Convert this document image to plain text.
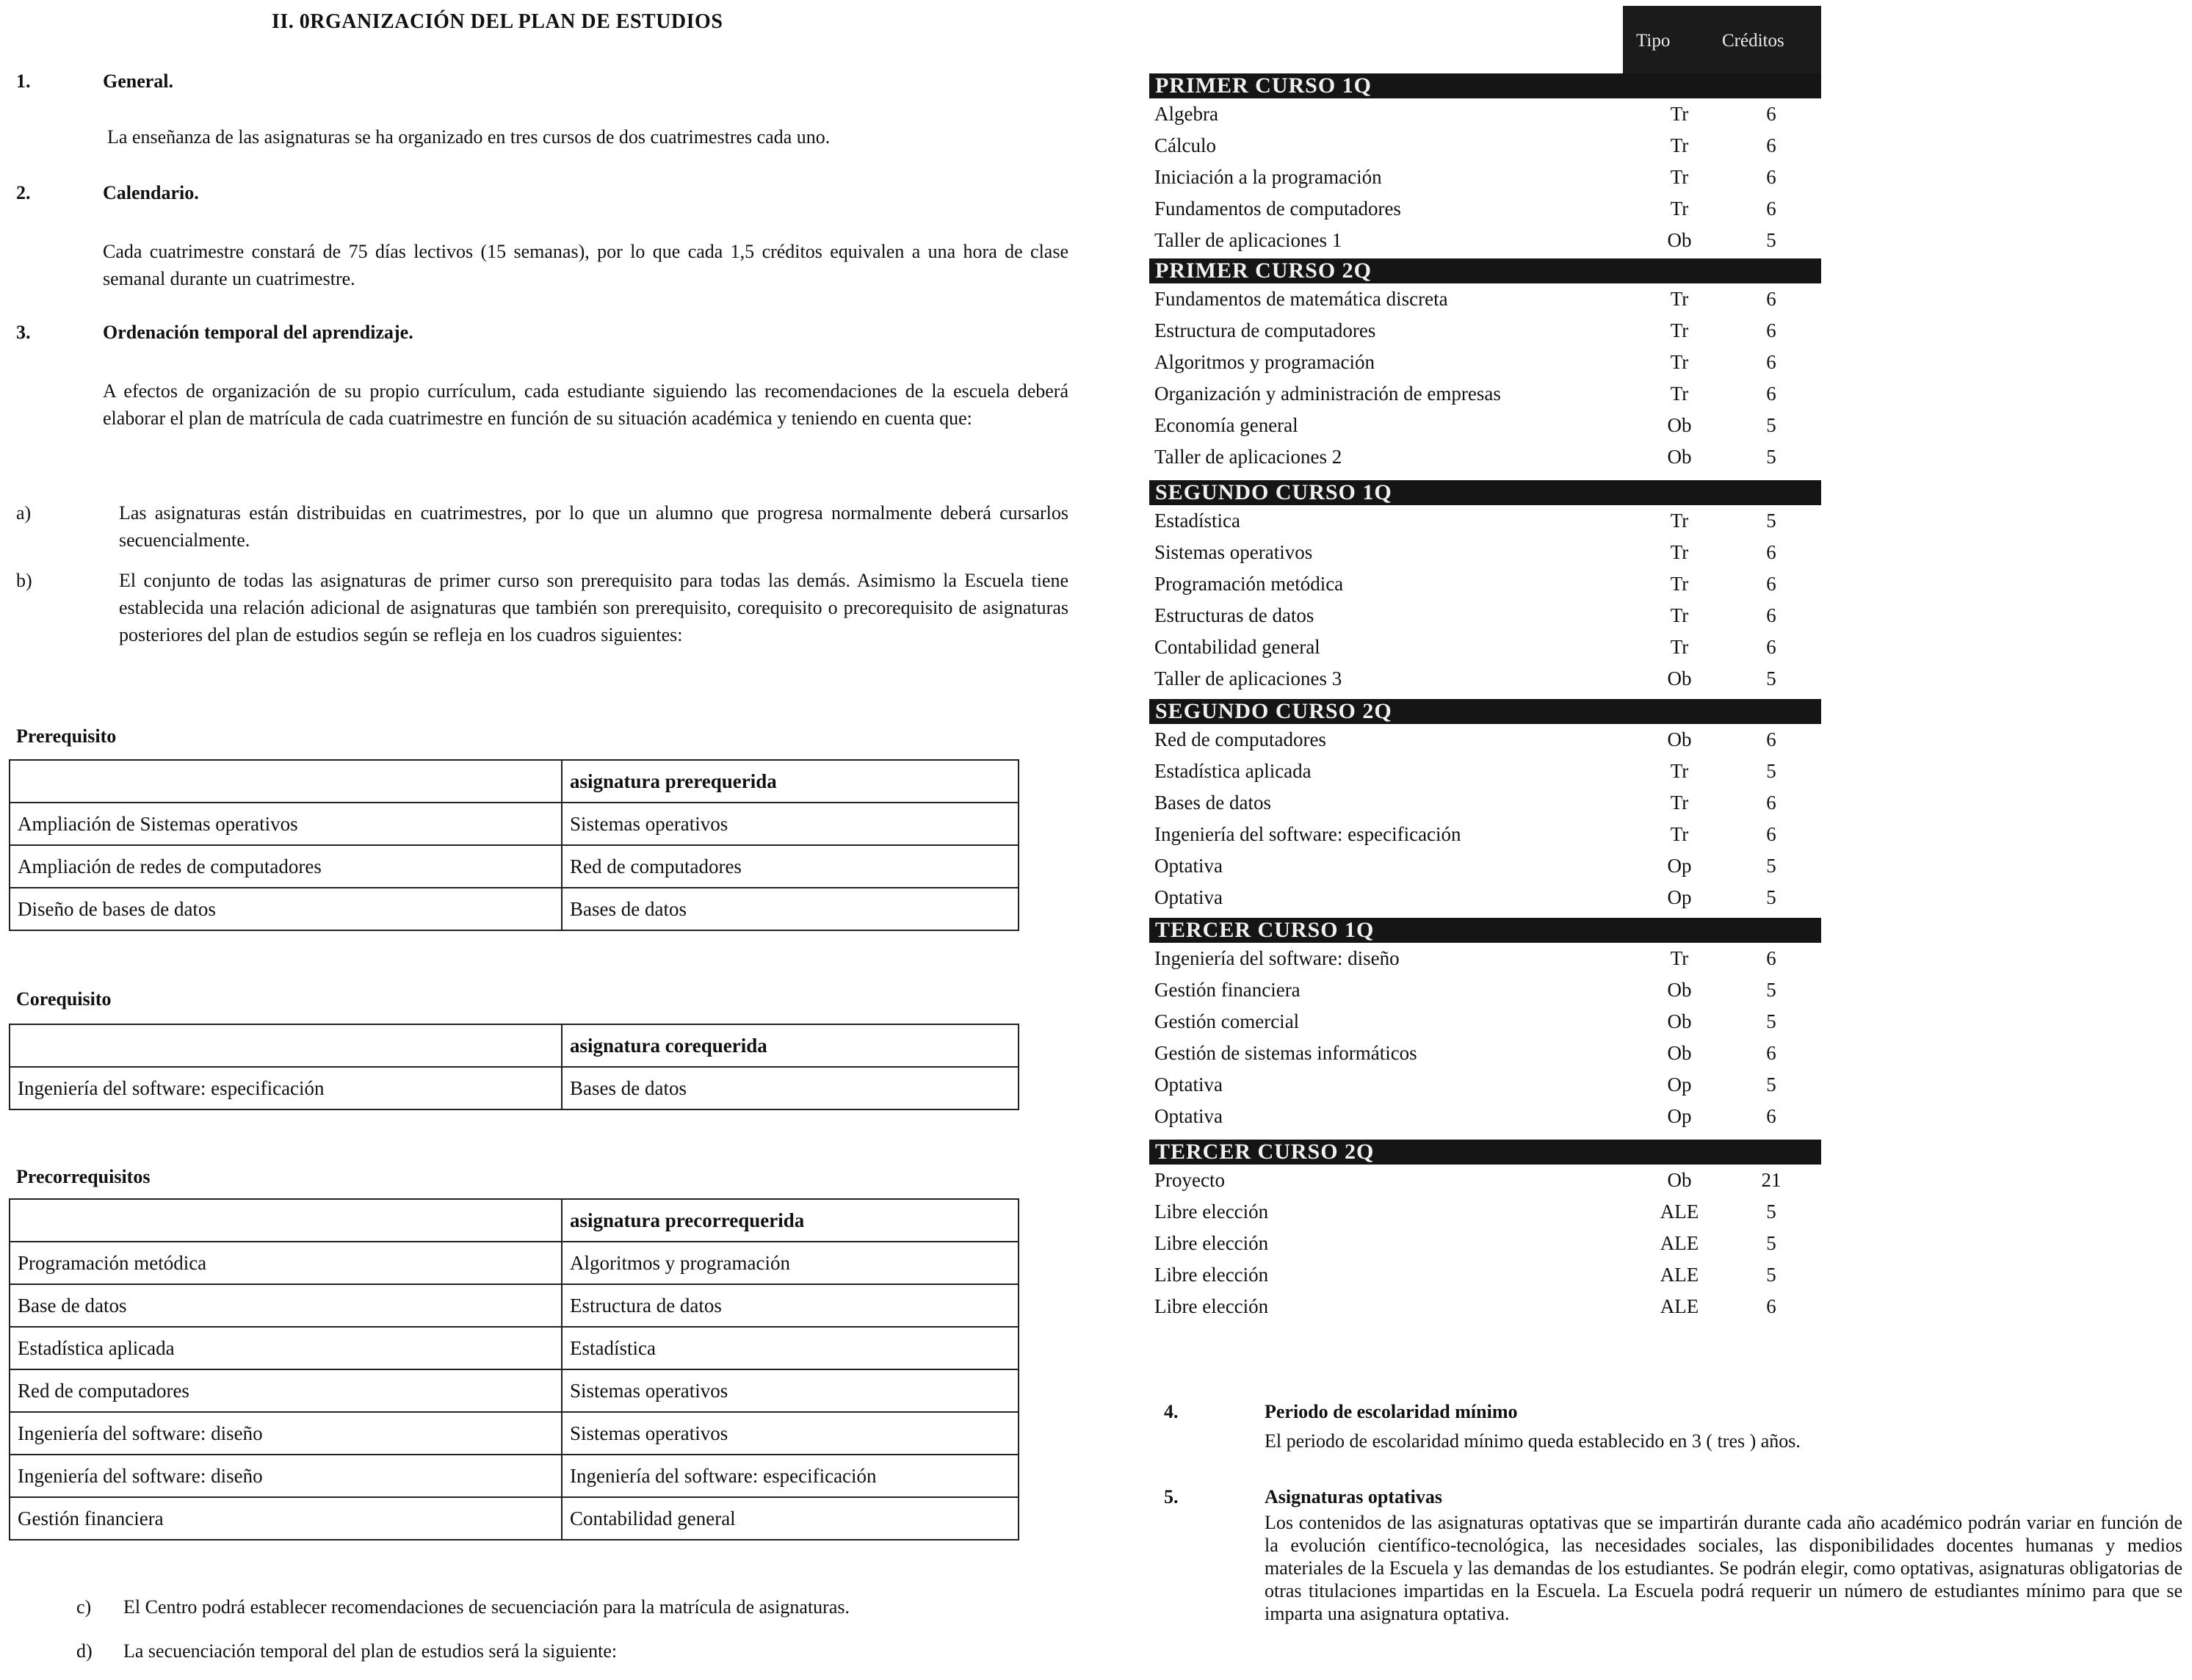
II. 0RGANIZACIÓN DEL PLAN DE ESTUDIOS
1.	General.
La enseñanza de las asignaturas se ha organizado en tres cursos de dos cuatrimestres cada uno.
2.	Calendario.
Cada cuatrimestre constará de 75 días lectivos (15 semanas), por lo que cada 1,5 créditos equivalen a una hora de clase semanal durante un cuatrimestre.
3.	Ordenación temporal del aprendizaje.
A efectos de organización de su propio currículum, cada estudiante siguiendo las recomendaciones de la escuela deberá elaborar el plan de matrícula de cada cuatrimestre en función de su situación académica y teniendo en cuenta que:
a)	Las asignaturas están distribuidas en cuatrimestres, por lo que un alumno que progresa normalmente deberá cursarlos secuencialmente.
b)	El conjunto de todas las asignaturas de primer curso son prerequisito para todas las demás. Asimismo la Escuela tiene establecida una relación adicional de asignaturas que también son prerequisito, corequisito o precorequisito de asignaturas posteriores del plan de estudios según se refleja en los cuadros siguientes:
Prerequisito
	asignatura prerequerida
Ampliación de Sistemas operativos	Sistemas operativos
Ampliación de redes de computadores	Red de computadores
Diseño de bases de datos	Bases de datos
Corequisito
	asignatura corequerida
Ingeniería del software: especificación	Bases de datos
Precorrequisitos
	asignatura precorrequerida
Programación metódica	Algoritmos y programación
Base de datos	Estructura de datos
Estadística aplicada	Estadística
Red de computadores	Sistemas operativos
Ingeniería del software: diseño	Sistemas operativos
Ingeniería del software: diseño	Ingeniería del software: especificación
Gestión financiera	Contabilidad general
c) El Centro podrá establecer recomendaciones de secuenciación para la matrícula de asignaturas.
d) La secuenciación temporal del plan de estudios será la siguiente:
Tipo	Créditos
PRIMER CURSO 1Q
Algebra	Tr	6
Cálculo	Tr	6
Iniciación a la programación	Tr	6
Fundamentos de computadores	Tr	6
Taller de aplicaciones 1	Ob	5
PRIMER CURSO 2Q
Fundamentos de matemática discreta	Tr	6
Estructura de computadores	Tr	6
Algoritmos y programación	Tr	6
Organización y administración de empresas	Tr	6
Economía general	Ob	5
Taller de aplicaciones 2	Ob	5
SEGUNDO CURSO 1Q
Estadística	Tr	5
Sistemas operativos	Tr	6
Programación metódica	Tr	6
Estructuras de datos	Tr	6
Contabilidad general	Tr	6
Taller de aplicaciones 3	Ob	5
SEGUNDO CURSO 2Q
Red de computadores	Ob	6
Estadística aplicada	Tr	5
Bases de datos	Tr	6
Ingeniería del software: especificación	Tr	6
Optativa	Op	5
Optativa	Op	5
TERCER CURSO 1Q
Ingeniería del software: diseño	Tr	6
Gestión financiera	Ob	5
Gestión comercial	Ob	5
Gestión de sistemas informáticos	Ob	6
Optativa	Op	5
Optativa	Op	6
TERCER CURSO 2Q
Proyecto	Ob	21
Libre elección	ALE	5
Libre elección	ALE	5
Libre elección	ALE	5
Libre elección	ALE	6
4.	Periodo de escolaridad mínimo
El periodo de escolaridad mínimo queda establecido en 3 ( tres ) años.
5.	Asignaturas optativas
Los contenidos de las asignaturas optativas que se impartirán durante cada año académico podrán variar en función de la evolución científico-tecnológica, las necesidades sociales, las disponibilidades docentes humanas y medios materiales de la Escuela y las demandas de los estudiantes. Se podrán elegir, como optativas, asignaturas obligatorias de otras titulaciones impartidas en la Escuela. La Escuela podrá requerir un número de estudiantes mínimo para que se imparta una asignatura optativa.
